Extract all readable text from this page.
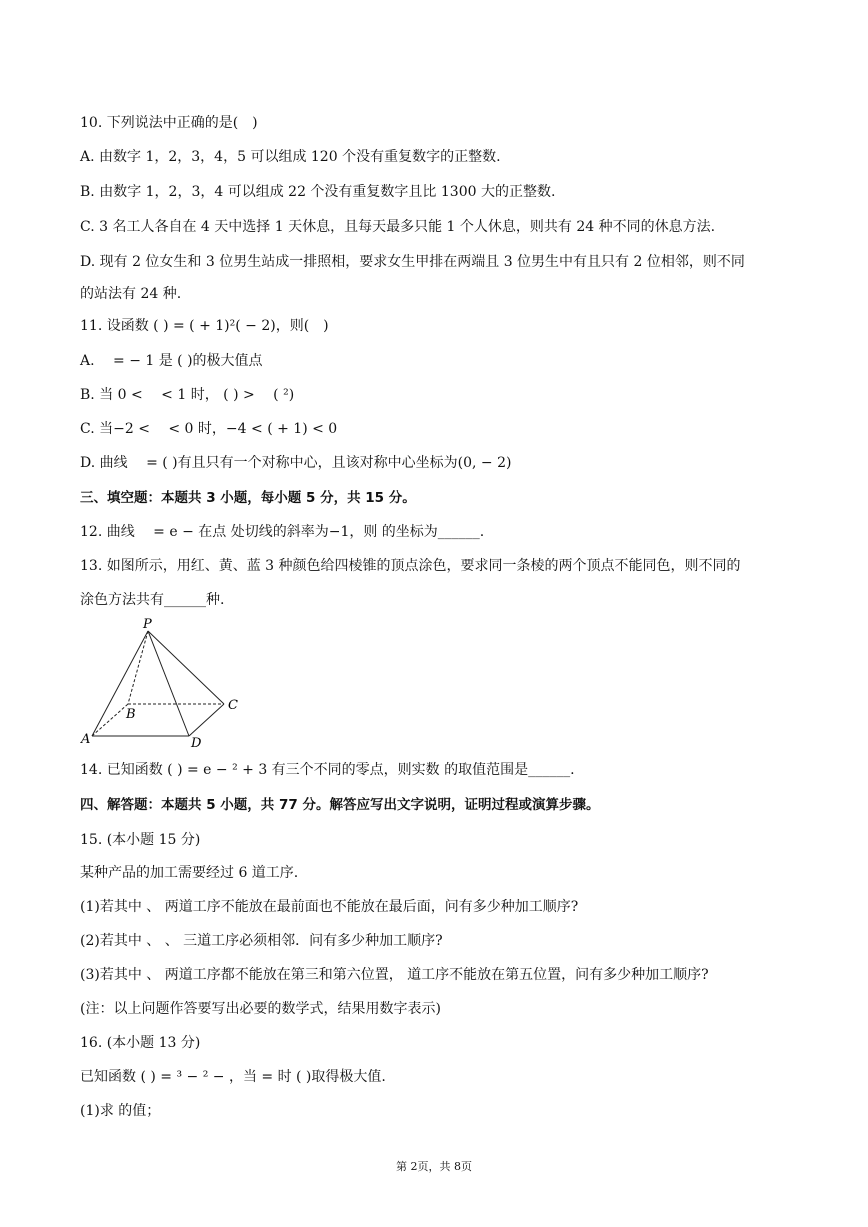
10. 下列说法中正确的是(　)
A. 由数字 1，2，3，4，5 可以组成 120 个没有重复数字的正整数.
B. 由数字 1，2，3，4 可以组成 22 个没有重复数字且比 1300 大的正整数.
C. 3 名工人各自在 4 天中选择 1 天休息，且每天最多只能 1 个人休息，则共有 24 种不同的休息方法.
D. 现有 2 位女生和 3 位男生站成一排照相，要求女生甲排在两端且 3 位男生中有且只有 2 位相邻，则不同
的站法有 24 种.
11. 设函数 ( ) = ( + 1)²( − 2)，则(　)
A. 　= − 1 是 ( )的极大值点
B. 当 0 < 　< 1 时， ( ) > 　( ²)
C. 当−2 < 　< 0 时，−4 < ( + 1) < 0
D. 曲线 　= ( )有且只有一个对称中心，且该对称中心坐标为(0, − 2)
三、填空题：本题共 3 小题，每小题 5 分，共 15 分。
12. 曲线 　= e − 在点 处切线的斜率为−1，则 的坐标为______.
13. 如图所示，用红、黄、蓝 3 种颜色给四棱锥的顶点涂色，要求同一条棱的两个顶点不能同色，则不同的
涂色方法共有______种.
14. 已知函数 ( ) = e − ² + 3 有三个不同的零点，则实数 的取值范围是______.
四、解答题：本题共 5 小题，共 77 分。解答应写出文字说明，证明过程或演算步骤。
15. (本小题 15 分)
某种产品的加工需要经过 6 道工序.
(1)若其中 、 两道工序不能放在最前面也不能放在最后面，问有多少种加工顺序?
(2)若其中 、 、 三道工序必须相邻．问有多少种加工顺序?
(3)若其中 、 两道工序都不能放在第三和第六位置， 道工序不能放在第五位置，问有多少种加工顺序?
(注：以上问题作答要写出必要的数学式，结果用数字表示)
16. (本小题 13 分)
已知函数 ( ) = ³ − ² − ，当 = 时 ( )取得极大值.
(1)求 的值；
P
A
B
C
D
第 2页，共 8页
